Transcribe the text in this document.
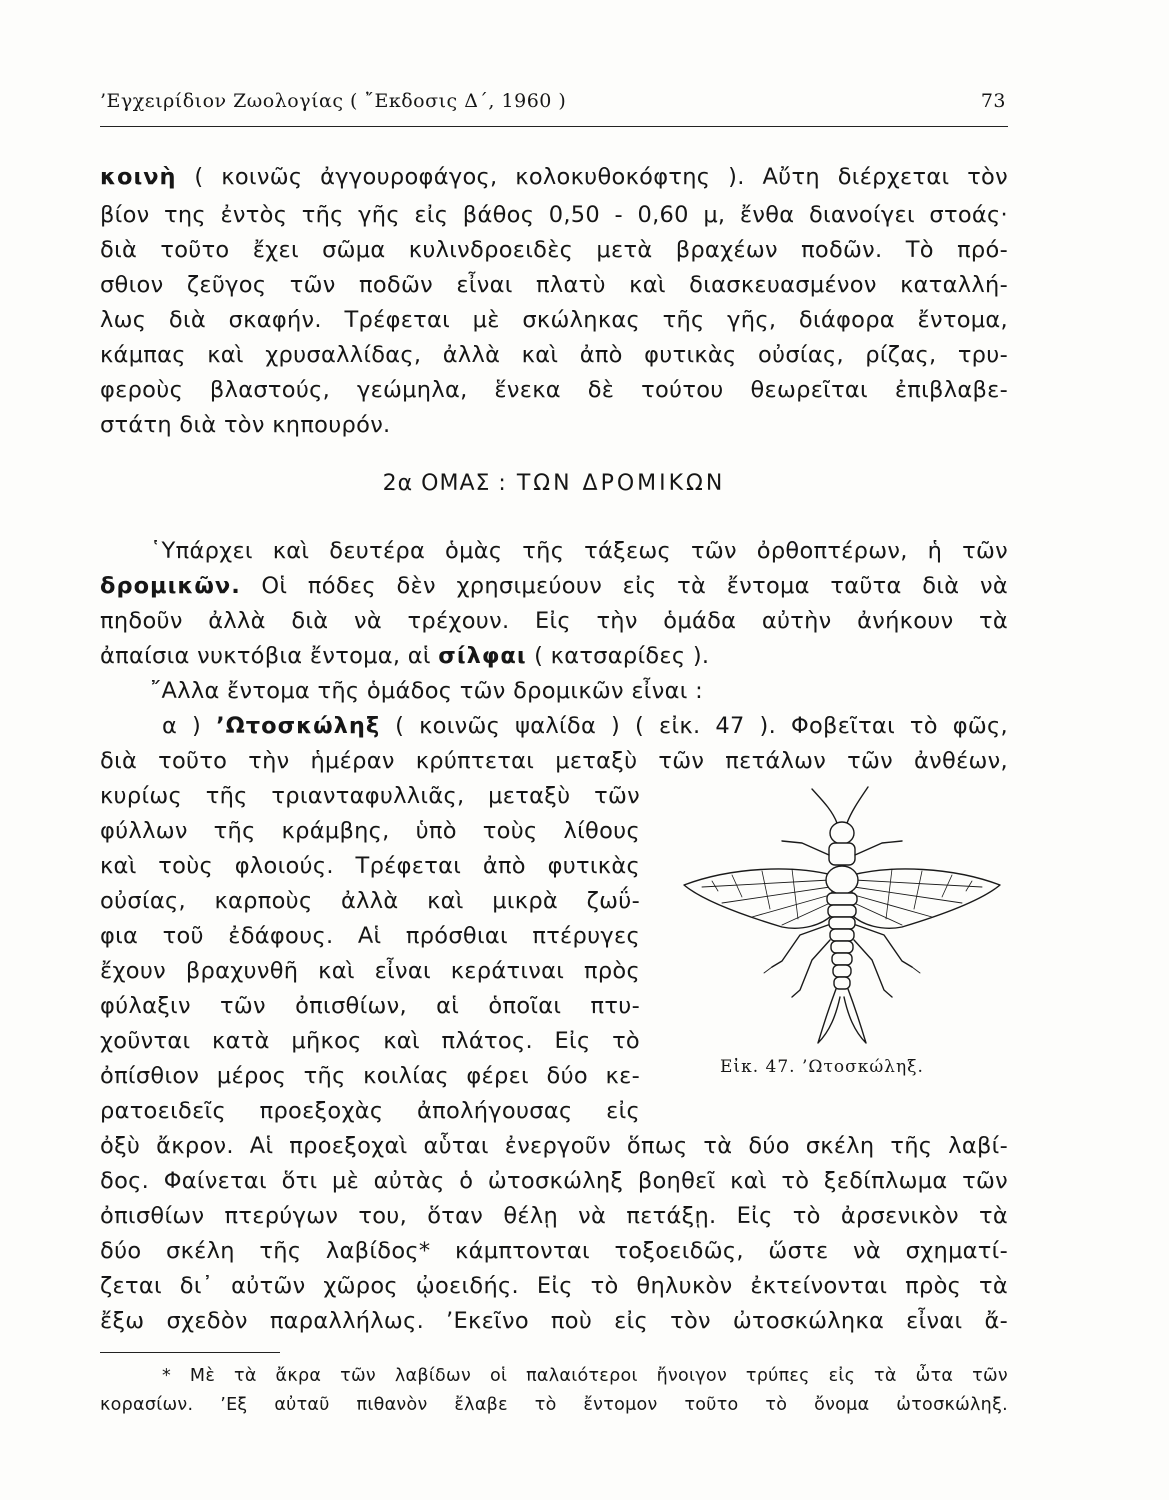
’Εγχειρίδιον Ζωολογίας ( ῎Εκδοσις Δ΄, 1960 )	73
κοινὴ ( κοινῶς ἀγγουροφάγος, κολοκυθοκόφτης ). Αὔτη διέρχεται τὸν
βίον της ἐντὸς τῆς γῆς εἰς βάθος 0,50 - 0,60 μ, ἔνθα διανοίγει στοάς·
διὰ τοῦτο ἔχει σῶμα κυλινδροειδὲς μετὰ βραχέων ποδῶν. Τὸ πρό-
σθιον ζεῦγος τῶν ποδῶν εἶναι πλατὺ καὶ διασκευασμένον καταλλή-
λως διὰ σκαφήν. Τρέφεται μὲ σκώληκας τῆς γῆς, διάφορα ἔντομα,
κάμπας καὶ χρυσαλλίδας, ἀλλὰ καὶ ἀπὸ φυτικὰς οὐσίας, ρίζας, τρυ-
φεροὺς βλαστούς, γεώμηλα, ἕνεκα δὲ τούτου θεωρεῖται ἐπιβλαβε-
στάτη διὰ τὸν κηπουρόν.
2α ΟΜΑΣ : ΤΩΝ ΔΡΟΜΙΚΩΝ
῾Υπάρχει καὶ δευτέρα ὁμὰς τῆς τάξεως τῶν ὀρθοπτέρων, ἡ τῶν
δρομικῶν. Οἱ πόδες δὲν χρησιμεύουν εἰς τὰ ἔντομα ταῦτα διὰ νὰ
πηδοῦν ἀλλὰ διὰ νὰ τρέχουν. Εἰς τὴν ὁμάδα αὐτὴν ἀνήκουν τὰ
ἀπαίσια νυκτόβια ἔντομα, αἱ σίλφαι ( κατσαρίδες ).
῎Αλλα ἔντομα τῆς ὁμάδος τῶν δρομικῶν εἶναι :
α ) ’Ωτοσκώληξ ( κοινῶς ψαλίδα ) ( εἰκ. 47 ). Φοβεῖται τὸ φῶς,
διὰ τοῦτο τὴν ἡμέραν κρύπτεται μεταξὺ τῶν πετάλων τῶν ἀνθέων,
κυρίως τῆς τριανταφυλλιᾶς, μεταξὺ τῶν
φύλλων τῆς κράμβης, ὑπὸ τοὺς λίθους
καὶ τοὺς φλοιούς. Τρέφεται ἀπὸ φυτικὰς
οὐσίας, καρποὺς ἀλλὰ καὶ μικρὰ ζωΰ-
φια τοῦ ἐδάφους. Αἱ πρόσθιαι πτέρυγες
ἔχουν βραχυνθῆ καὶ εἶναι κεράτιναι πρὸς
φύλαξιν τῶν ὀπισθίων, αἱ ὁποῖαι πτυ-
χοῦνται κατὰ μῆκος καὶ πλάτος. Εἰς τὸ
ὀπίσθιον μέρος τῆς κοιλίας φέρει δύο κε-
ρατοειδεῖς προεξοχὰς ἀπολήγουσας εἰς
Εἰκ. 47. ’Ωτοσκώληξ.
ὀξὺ ἄκρον. Αἱ προεξοχαὶ αὗται ἐνεργοῦν ὅπως τὰ δύο σκέλη τῆς λαβί-
δος. Φαίνεται ὅτι μὲ αὐτὰς ὁ ὠτοσκώληξ βοηθεῖ καὶ τὸ ξεδίπλωμα τῶν
ὀπισθίων πτερύγων του, ὅταν θέλῃ νὰ πετάξῃ. Εἰς τὸ ἀρσενικὸν τὰ
δύο σκέλη τῆς λαβίδος* κάμπτονται τοξοειδῶς, ὥστε νὰ σχηματί-
ζεται δι᾽ αὐτῶν χῶρος ᾠοειδής. Εἰς τὸ θηλυκὸν ἐκτείνονται πρὸς τὰ
ἔξω σχεδὸν παραλλήλως. ’Εκεῖνο ποὺ εἰς τὸν ὠτοσκώληκα εἶναι ἄ-
* Μὲ τὰ ἄκρα τῶν λαβίδων οἱ παλαιότεροι ἤνοιγον τρύπες εἰς τὰ ὦτα τῶν
κορασίων. ’Εξ αὐταῦ πιθανὸν ἔλαβε τὸ ἔντομον τοῦτο τὸ ὄνομα ὠτοσκώληξ.
